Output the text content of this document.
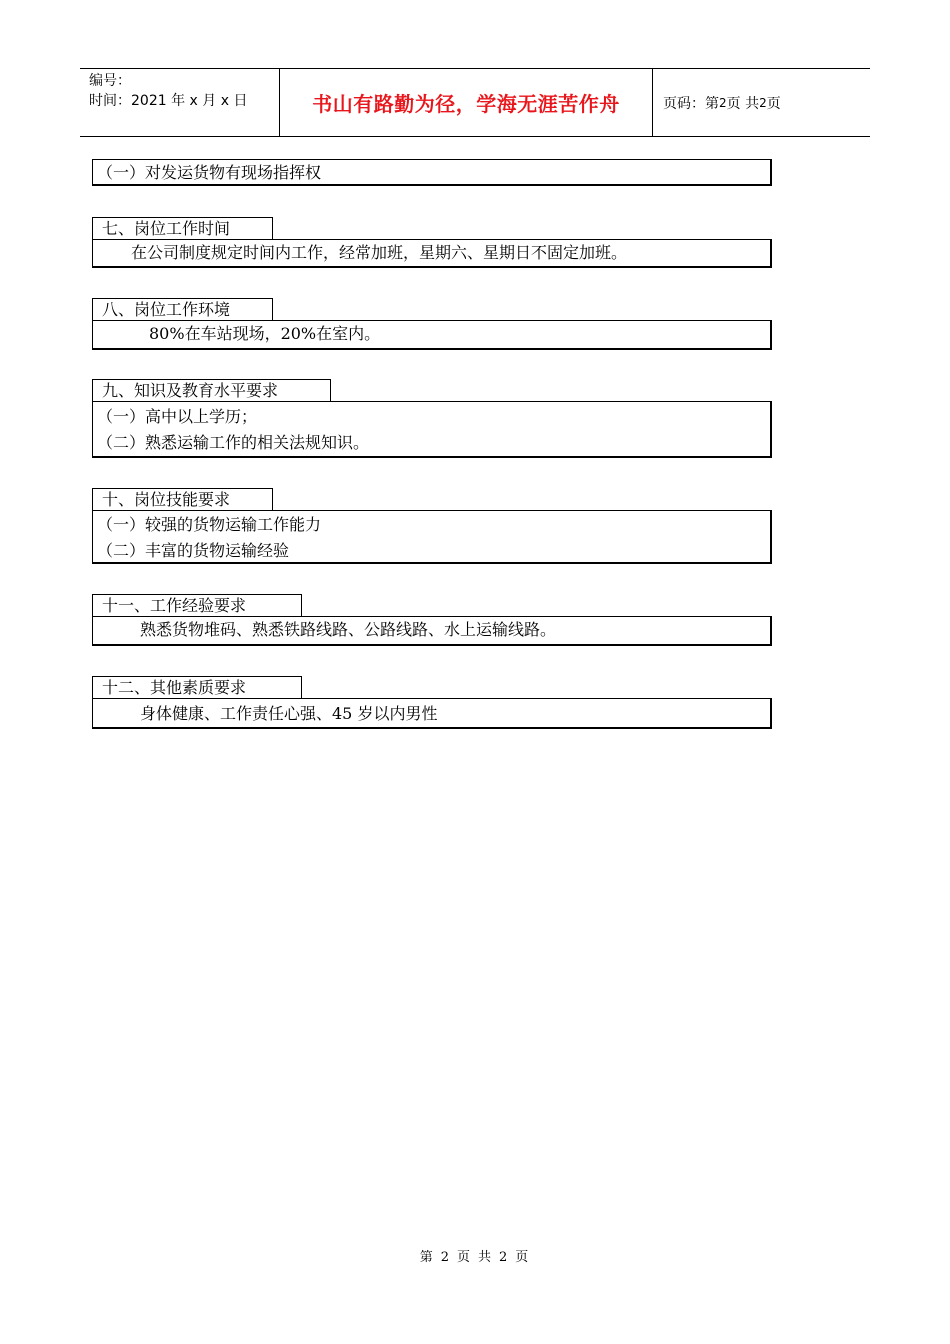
编号：
时间：2021 年 x 月 x 日	书山有路勤为径，学海无涯苦作舟	页码：第 2 页 共 2 页
（一）对发运货物有现场指挥权
七、岗位工作时间
在公司制度规定时间内工作，经常加班，星期六、星期日不固定加班。
八、岗位工作环境
80%在车站现场，20%在室内。
九、知识及教育水平要求
（一）高中以上学历；
（二）熟悉运输工作的相关法规知识。
十、岗位技能要求
（一）较强的货物运输工作能力
（二）丰富的货物运输经验
十一、工作经验要求
熟悉货物堆码、熟悉铁路线路、公路线路、水上运输线路。
十二、其他素质要求
身体健康、工作责任心强、45 岁以内男性
第 2 页 共 2 页
